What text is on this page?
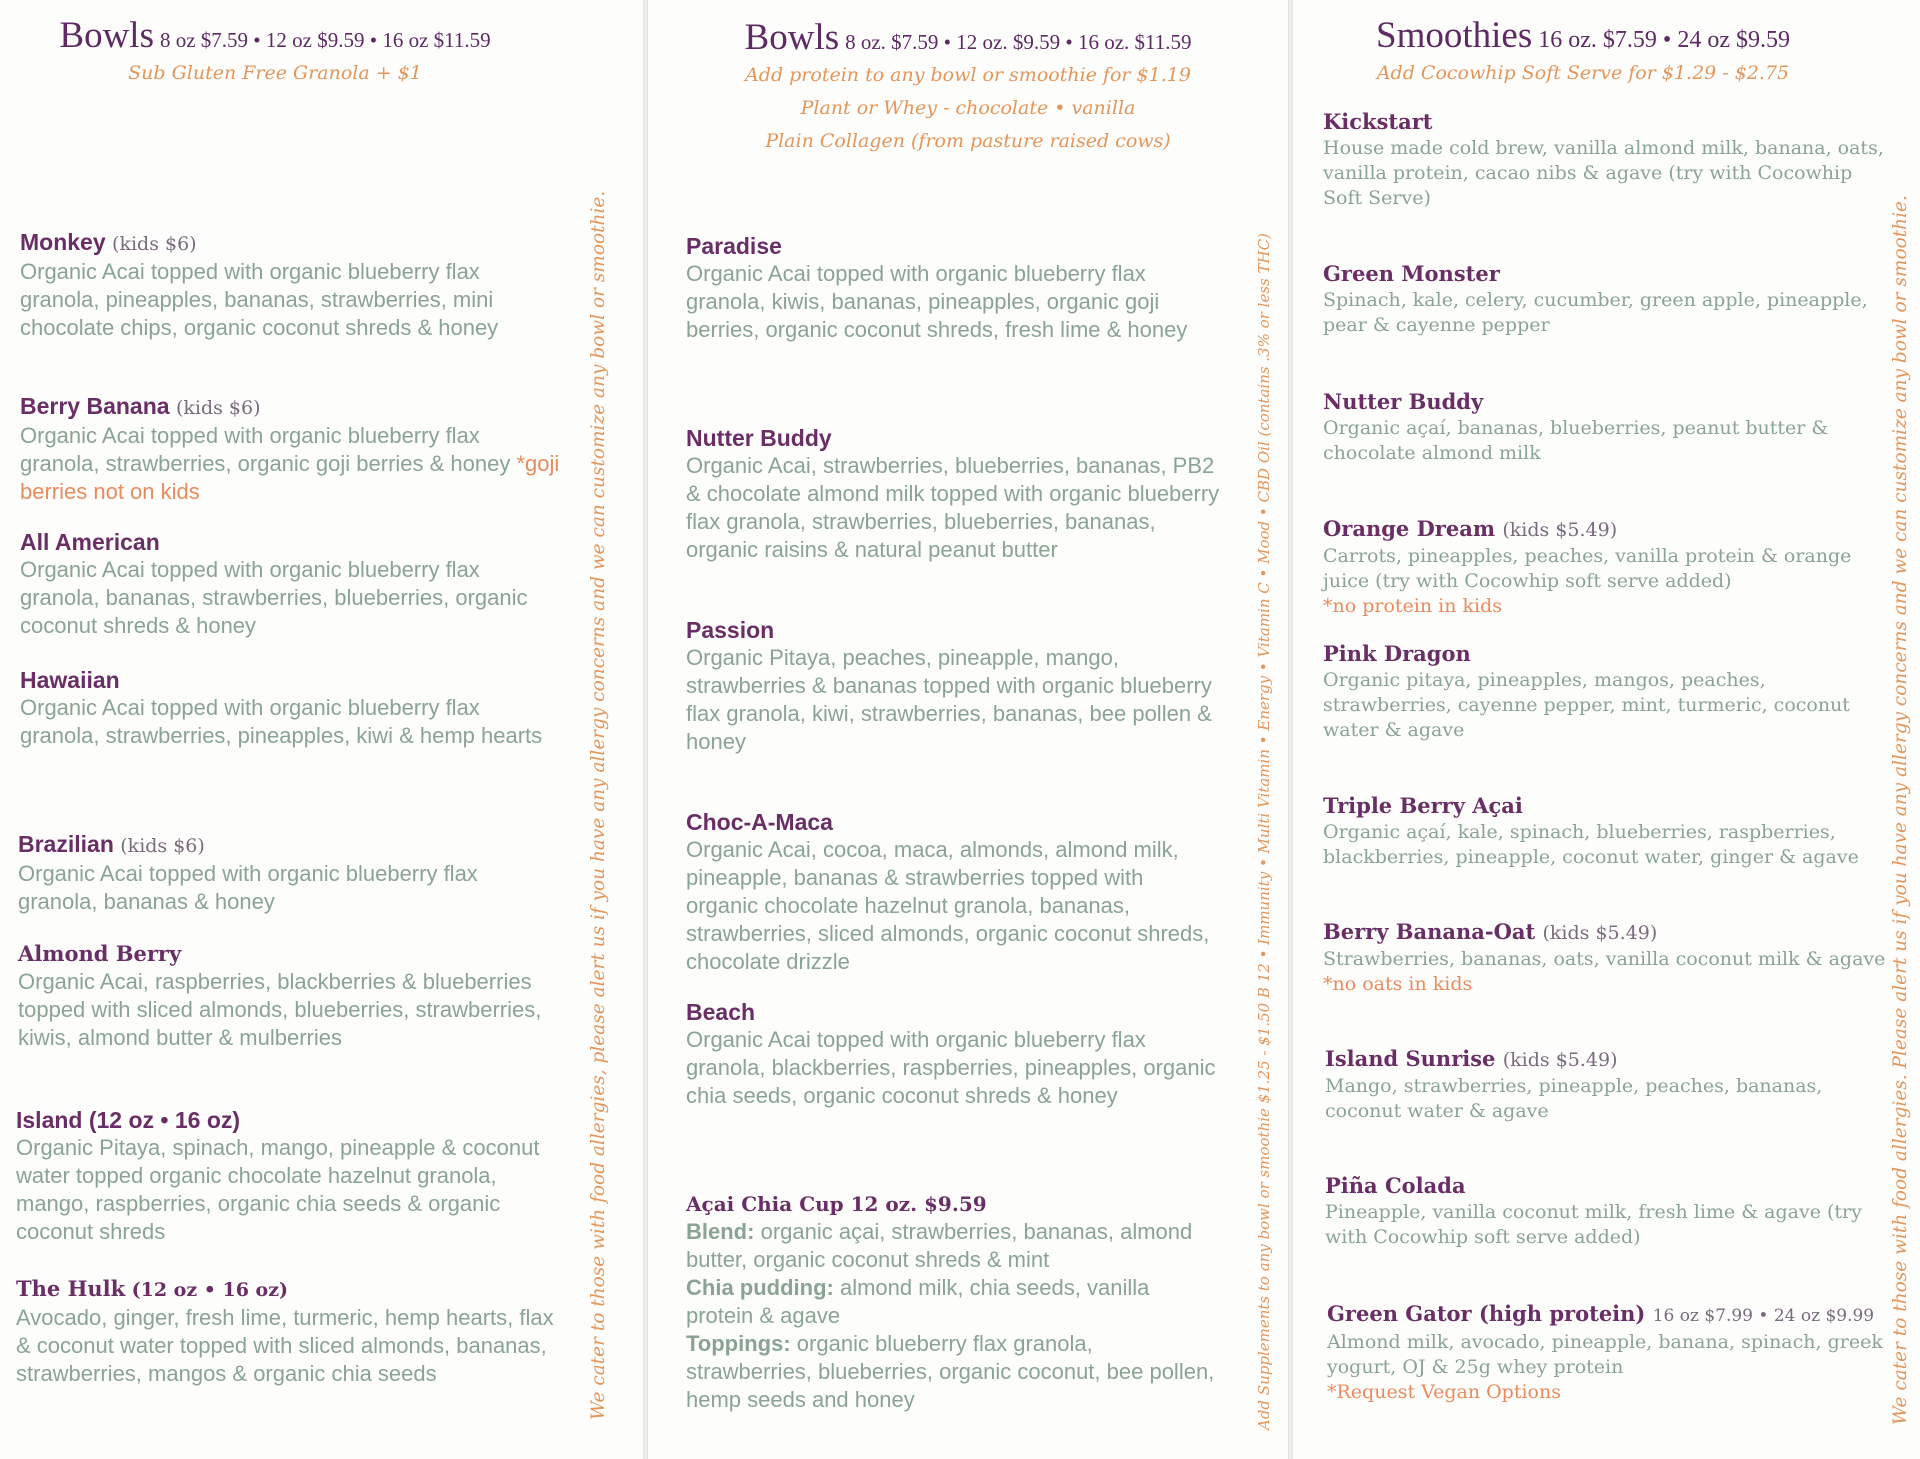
Bowls 8 oz $7.59 • 12 oz $9.59 • 16 oz $11.59
Sub Gluten Free Granola + $1
Monkey (kids $6)
Organic Acai topped with organic blueberry flax granola, pineapples, bananas, strawberries, mini chocolate chips, organic coconut shreds & honey
Berry Banana (kids $6)
Organic Acai topped with organic blueberry flax granola, strawberries, organic goji berries & honey *goji berries not on kids
All American
Organic Acai topped with organic blueberry flax granola, bananas, strawberries, blueberries, organic coconut shreds & honey
Hawaiian
Organic Acai topped with organic blueberry flax granola, strawberries, pineapples, kiwi & hemp hearts
Brazilian (kids $6)
Organic Acai topped with organic blueberry flax granola, bananas & honey
Almond Berry
Organic Acai, raspberries, blackberries & blueberries topped with sliced almonds, blueberries, strawberries, kiwis, almond butter & mulberries
Island (12 oz • 16 oz)
Organic Pitaya, spinach, mango, pineapple & coconut water topped organic chocolate hazelnut granola, mango, raspberries, organic chia seeds & organic coconut shreds
The Hulk (12 oz • 16 oz)
Avocado, ginger, fresh lime, turmeric, hemp hearts, flax & coconut water topped with sliced almonds, bananas, strawberries, mangos & organic chia seeds	We cater to those with food allergies, please alert us if you have any allergy concerns and we can customize any bowl or smoothie.
Bowls 8 oz. $7.59 • 12 oz. $9.59 • 16 oz. $11.59
Add protein to any bowl or smoothie for $1.19
Plant or Whey - chocolate • vanilla
Plain Collagen (from pasture raised cows)
Paradise
Organic Acai topped with organic blueberry flax granola, kiwis, bananas, pineapples, organic goji berries, organic coconut shreds, fresh lime & honey
Nutter Buddy
Organic Acai, strawberries, blueberries, bananas, PB2 & chocolate almond milk topped with organic blueberry flax granola, strawberries, blueberries, bananas, organic raisins & natural peanut butter
Passion
Organic Pitaya, peaches, pineapple, mango, strawberries & bananas topped with organic blueberry flax granola, kiwi, strawberries, bananas, bee pollen & honey
Choc-A-Maca
Organic Acai, cocoa, maca, almonds, almond milk, pineapple, bananas & strawberries topped with organic chocolate hazelnut granola, bananas, strawberries, sliced almonds, organic coconut shreds, chocolate drizzle
Beach
Organic Acai topped with organic blueberry flax granola, blackberries, raspberries, pineapples, organic chia seeds, organic coconut shreds & honey
Açai Chia Cup 12 oz. $9.59
Blend: organic açai, strawberries, bananas, almond butter, organic coconut shreds & mint
Chia pudding: almond milk, chia seeds, vanilla protein & agave
Toppings: organic blueberry flax granola, strawberries, blueberries, organic coconut, bee pollen, hemp seeds and honey	Add Supplements to any bowl or smoothie $1.25 - $1.50 B 12 • Immunity • Multi Vitamin • Energy • Vitamin C • Mood • CBD Oil (contains .3% or less THC)
Smoothies 16 oz. $7.59 • 24 oz $9.59
Add Cocowhip Soft Serve for $1.29 - $2.75
Kickstart
House made cold brew, vanilla almond milk, banana, oats, vanilla protein, cacao nibs & agave (try with Cocowhip Soft Serve)
Green Monster
Spinach, kale, celery, cucumber, green apple, pineapple, pear & cayenne pepper
Nutter Buddy
Organic açaí, bananas, blueberries, peanut butter & chocolate almond milk
Orange Dream (kids $5.49)
Carrots, pineapples, peaches, vanilla protein & orange juice (try with Cocowhip soft serve added)
*no protein in kids
Pink Dragon
Organic pitaya, pineapples, mangos, peaches, strawberries, cayenne pepper, mint, turmeric, coconut water & agave
Triple Berry Açai
Organic açaí, kale, spinach, blueberries, raspberries, blackberries, pineapple, coconut water, ginger & agave
Berry Banana-Oat (kids $5.49)
Strawberries, bananas, oats, vanilla coconut milk & agave *no oats in kids
Island Sunrise (kids $5.49)
Mango, strawberries, pineapple, peaches, bananas, coconut water & agave
Piña Colada
Pineapple, vanilla coconut milk, fresh lime & agave (try with Cocowhip soft serve added)
Green Gator (high protein) 16 oz $7.99 • 24 oz $9.99
Almond milk, avocado, pineapple, banana, spinach, greek yogurt, OJ & 25g whey protein
*Request Vegan Options	We cater to those with food allergies. Please alert us if you have any allergy concerns and we can customize any bowl or smoothie.
